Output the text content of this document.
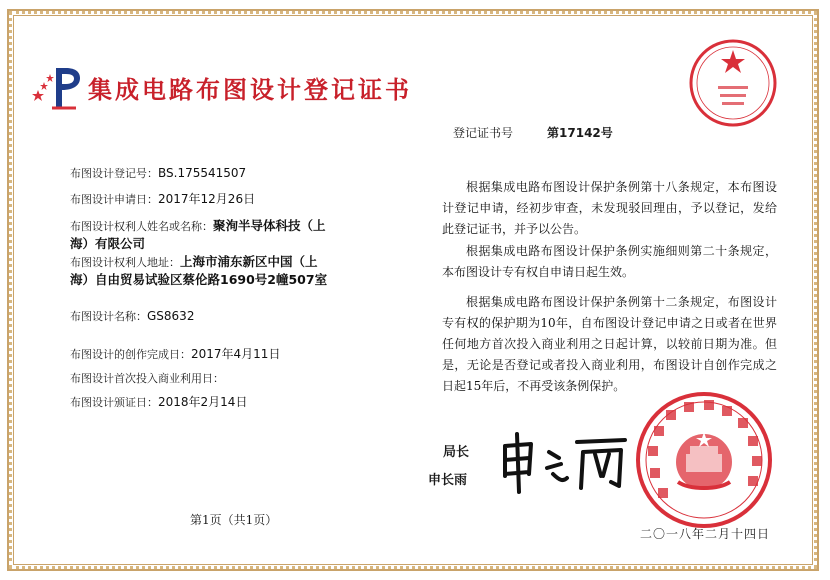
集成电路布图设计登记证书
登记证书号	第17142号
布图设计登记号：BS.175541507
布图设计申请日：2017年12月26日
布图设计权利人姓名或名称：聚洵半导体科技（上
海）有限公司
布图设计权利人地址：上海市浦东新区中国（上
海）自由贸易试验区蔡伦路1690号2幢507室
布图设计名称：GS8632
布图设计的创作完成日：2017年4月11日
布图设计首次投入商业利用日：
布图设计颁证日：2018年2月14日

根据集成电路布图设计保护条例第十八条规定，本布图设计登记申请，经初步审查，未发现驳回理由，予以登记，发给此登记证书，并予以公告。

根据集成电路布图设计保护条例实施细则第二十条规定，本布图设计专有权自申请日起生效。

根据集成电路布图设计保护条例第十二条规定，布图设计专有权的保护期为10年，自布图设计登记申请之日或者在世界任何地方首次投入商业利用之日起计算，以较前日期为准。但是，无论是否登记或者投入商业利用，布图设计自创作完成之日起15年后，不再受该条例保护。

局长
申长雨
第1页（共1页）
二〇一八年二月十四日
